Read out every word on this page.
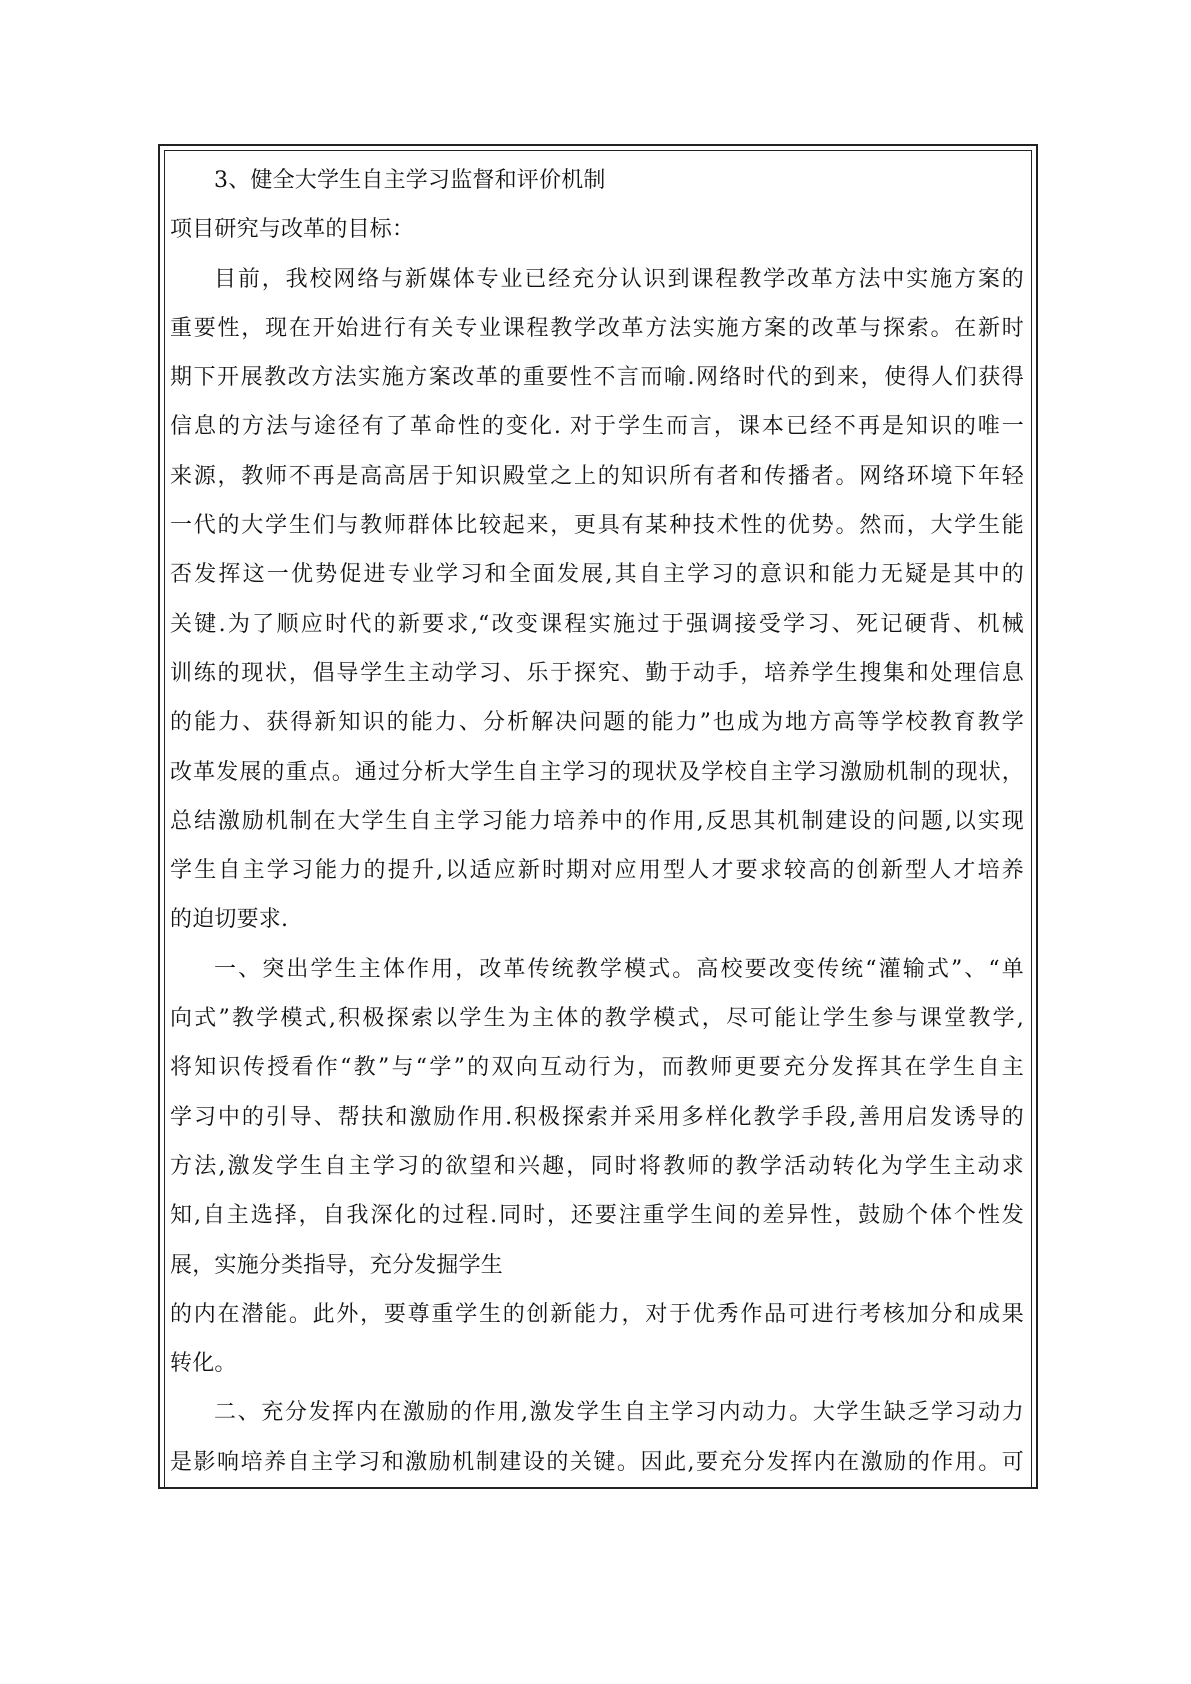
3、健全大学生自主学习监督和评价机制
项目研究与改革的目标：
目前，我校网络与新媒体专业已经充分认识到课程教学改革方法中实施方案的
重要性，现在开始进行有关专业课程教学改革方法实施方案的改革与探索。在新时
期下开展教改方法实施方案改革的重要性不言而喻.网络时代的到来，使得人们获得
信息的方法与途径有了革命性的变化. 对于学生而言，课本已经不再是知识的唯一
来源，教师不再是高高居于知识殿堂之上的知识所有者和传播者。网络环境下年轻
一代的大学生们与教师群体比较起来，更具有某种技术性的优势。然而，大学生能
否发挥这一优势促进专业学习和全面发展,其自主学习的意识和能力无疑是其中的
关键.为了顺应时代的新要求,“改变课程实施过于强调接受学习、死记硬背、机械
训练的现状，倡导学生主动学习、乐于探究、勤于动手，培养学生搜集和处理信息
的能力、获得新知识的能力、分析解决问题的能力”也成为地方高等学校教育教学
改革发展的重点。通过分析大学生自主学习的现状及学校自主学习激励机制的现状，
总结激励机制在大学生自主学习能力培养中的作用,反思其机制建设的问题,以实现
学生自主学习能力的提升,以适应新时期对应用型人才要求较高的创新型人才培养
的迫切要求.
一、突出学生主体作用，改革传统教学模式。高校要改变传统“灌输式”、“单
向式”教学模式,积极探索以学生为主体的教学模式，尽可能让学生参与课堂教学,
将知识传授看作“教”与“学”的双向互动行为，而教师更要充分发挥其在学生自主
学习中的引导、帮扶和激励作用.积极探索并采用多样化教学手段,善用启发诱导的
方法,激发学生自主学习的欲望和兴趣，同时将教师的教学活动转化为学生主动求
知,自主选择，自我深化的过程.同时，还要注重学生间的差异性，鼓励个体个性发
展，实施分类指导，充分发掘学生
的内在潜能。此外，要尊重学生的创新能力，对于优秀作品可进行考核加分和成果
转化。
二、充分发挥内在激励的作用,激发学生自主学习内动力。大学生缺乏学习动力
是影响培养自主学习和激励机制建设的关键。因此,要充分发挥内在激励的作用。可
